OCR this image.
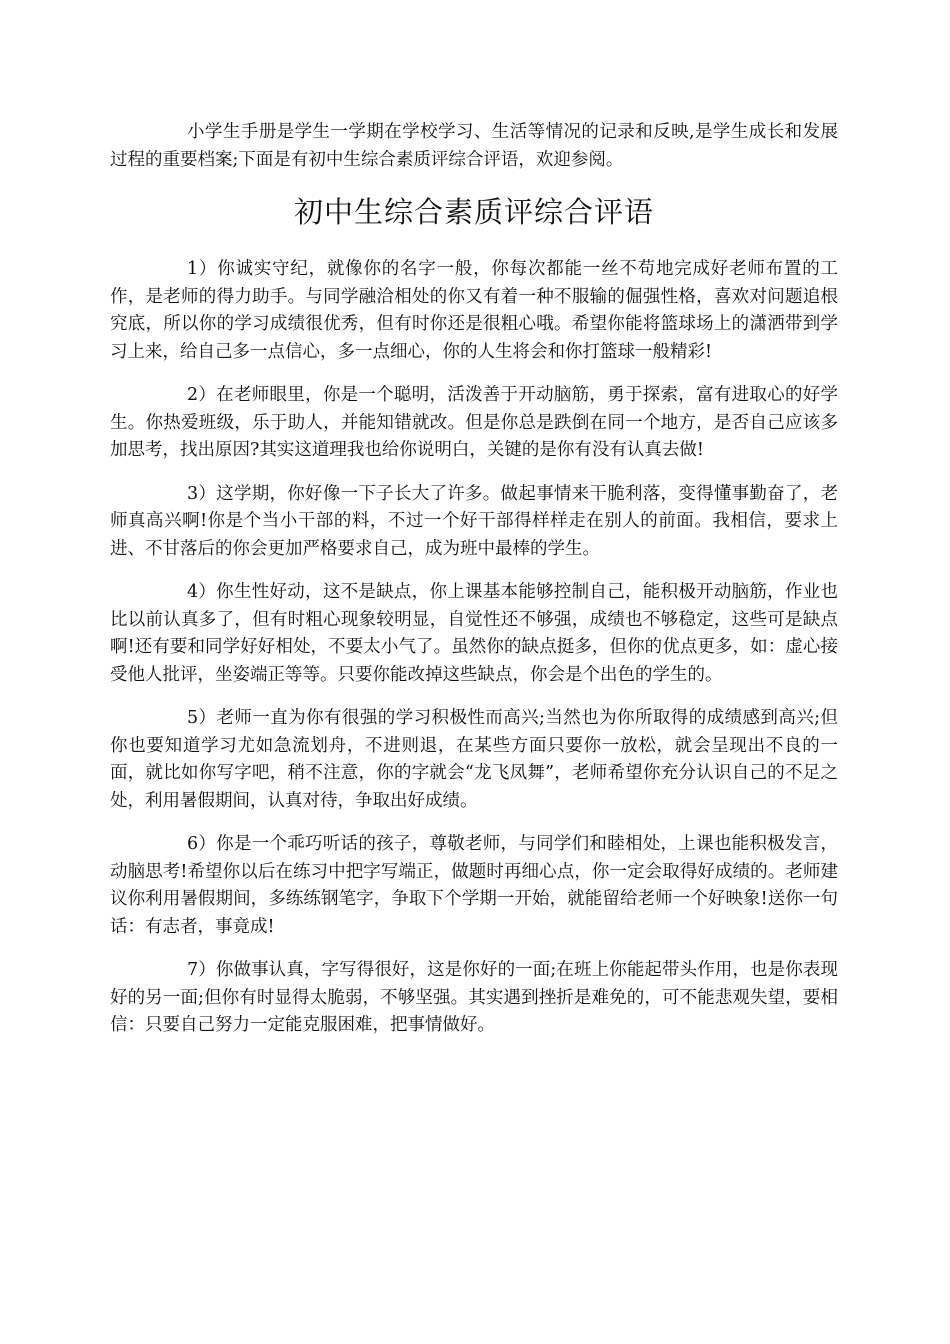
小学生手册是学生一学期在学校学习、生活等情况的记录和反映,是学生成长和发展过程的重要档案;下面是有初中生综合素质评综合评语，欢迎参阅。

初中生综合素质评综合评语

1）你诚实守纪，就像你的名字一般，你每次都能一丝不苟地完成好老师布置的工作，是老师的得力助手。与同学融洽相处的你又有着一种不服输的倔强性格，喜欢对问题追根究底，所以你的学习成绩很优秀，但有时你还是很粗心哦。希望你能将篮球场上的潇洒带到学习上来，给自己多一点信心，多一点细心，你的人生将会和你打篮球一般精彩!

2）在老师眼里，你是一个聪明，活泼善于开动脑筋，勇于探索，富有进取心的好学生。你热爱班级，乐于助人，并能知错就改。但是你总是跌倒在同一个地方，是否自己应该多加思考，找出原因?其实这道理我也给你说明白，关键的是你有没有认真去做!

3）这学期，你好像一下子长大了许多。做起事情来干脆利落，变得懂事勤奋了，老师真高兴啊!你是个当小干部的料，不过一个好干部得样样走在别人的前面。我相信，要求上进、不甘落后的你会更加严格要求自己，成为班中最棒的学生。

4）你生性好动，这不是缺点，你上课基本能够控制自己，能积极开动脑筋，作业也比以前认真多了，但有时粗心现象较明显，自觉性还不够强，成绩也不够稳定，这些可是缺点啊!还有要和同学好好相处，不要太小气了。虽然你的缺点挺多，但你的优点更多，如：虚心接受他人批评，坐姿端正等等。只要你能改掉这些缺点，你会是个出色的学生的。

5）老师一直为你有很强的学习积极性而高兴;当然也为你所取得的成绩感到高兴;但你也要知道学习尤如急流划舟，不进则退，在某些方面只要你一放松，就会呈现出不良的一面，就比如你写字吧，稍不注意，你的字就会“龙飞凤舞”，老师希望你充分认识自己的不足之处，利用暑假期间，认真对待，争取出好成绩。

6）你是一个乖巧听话的孩子，尊敬老师，与同学们和睦相处，上课也能积极发言，动脑思考!希望你以后在练习中把字写端正，做题时再细心点，你一定会取得好成绩的。老师建议你利用暑假期间，多练练钢笔字，争取下个学期一开始，就能留给老师一个好映象!送你一句话：有志者，事竟成!

7）你做事认真，字写得很好，这是你好的一面;在班上你能起带头作用，也是你表现好的另一面;但你有时显得太脆弱，不够坚强。其实遇到挫折是难免的，可不能悲观失望，要相信：只要自己努力一定能克服困难，把事情做好。
